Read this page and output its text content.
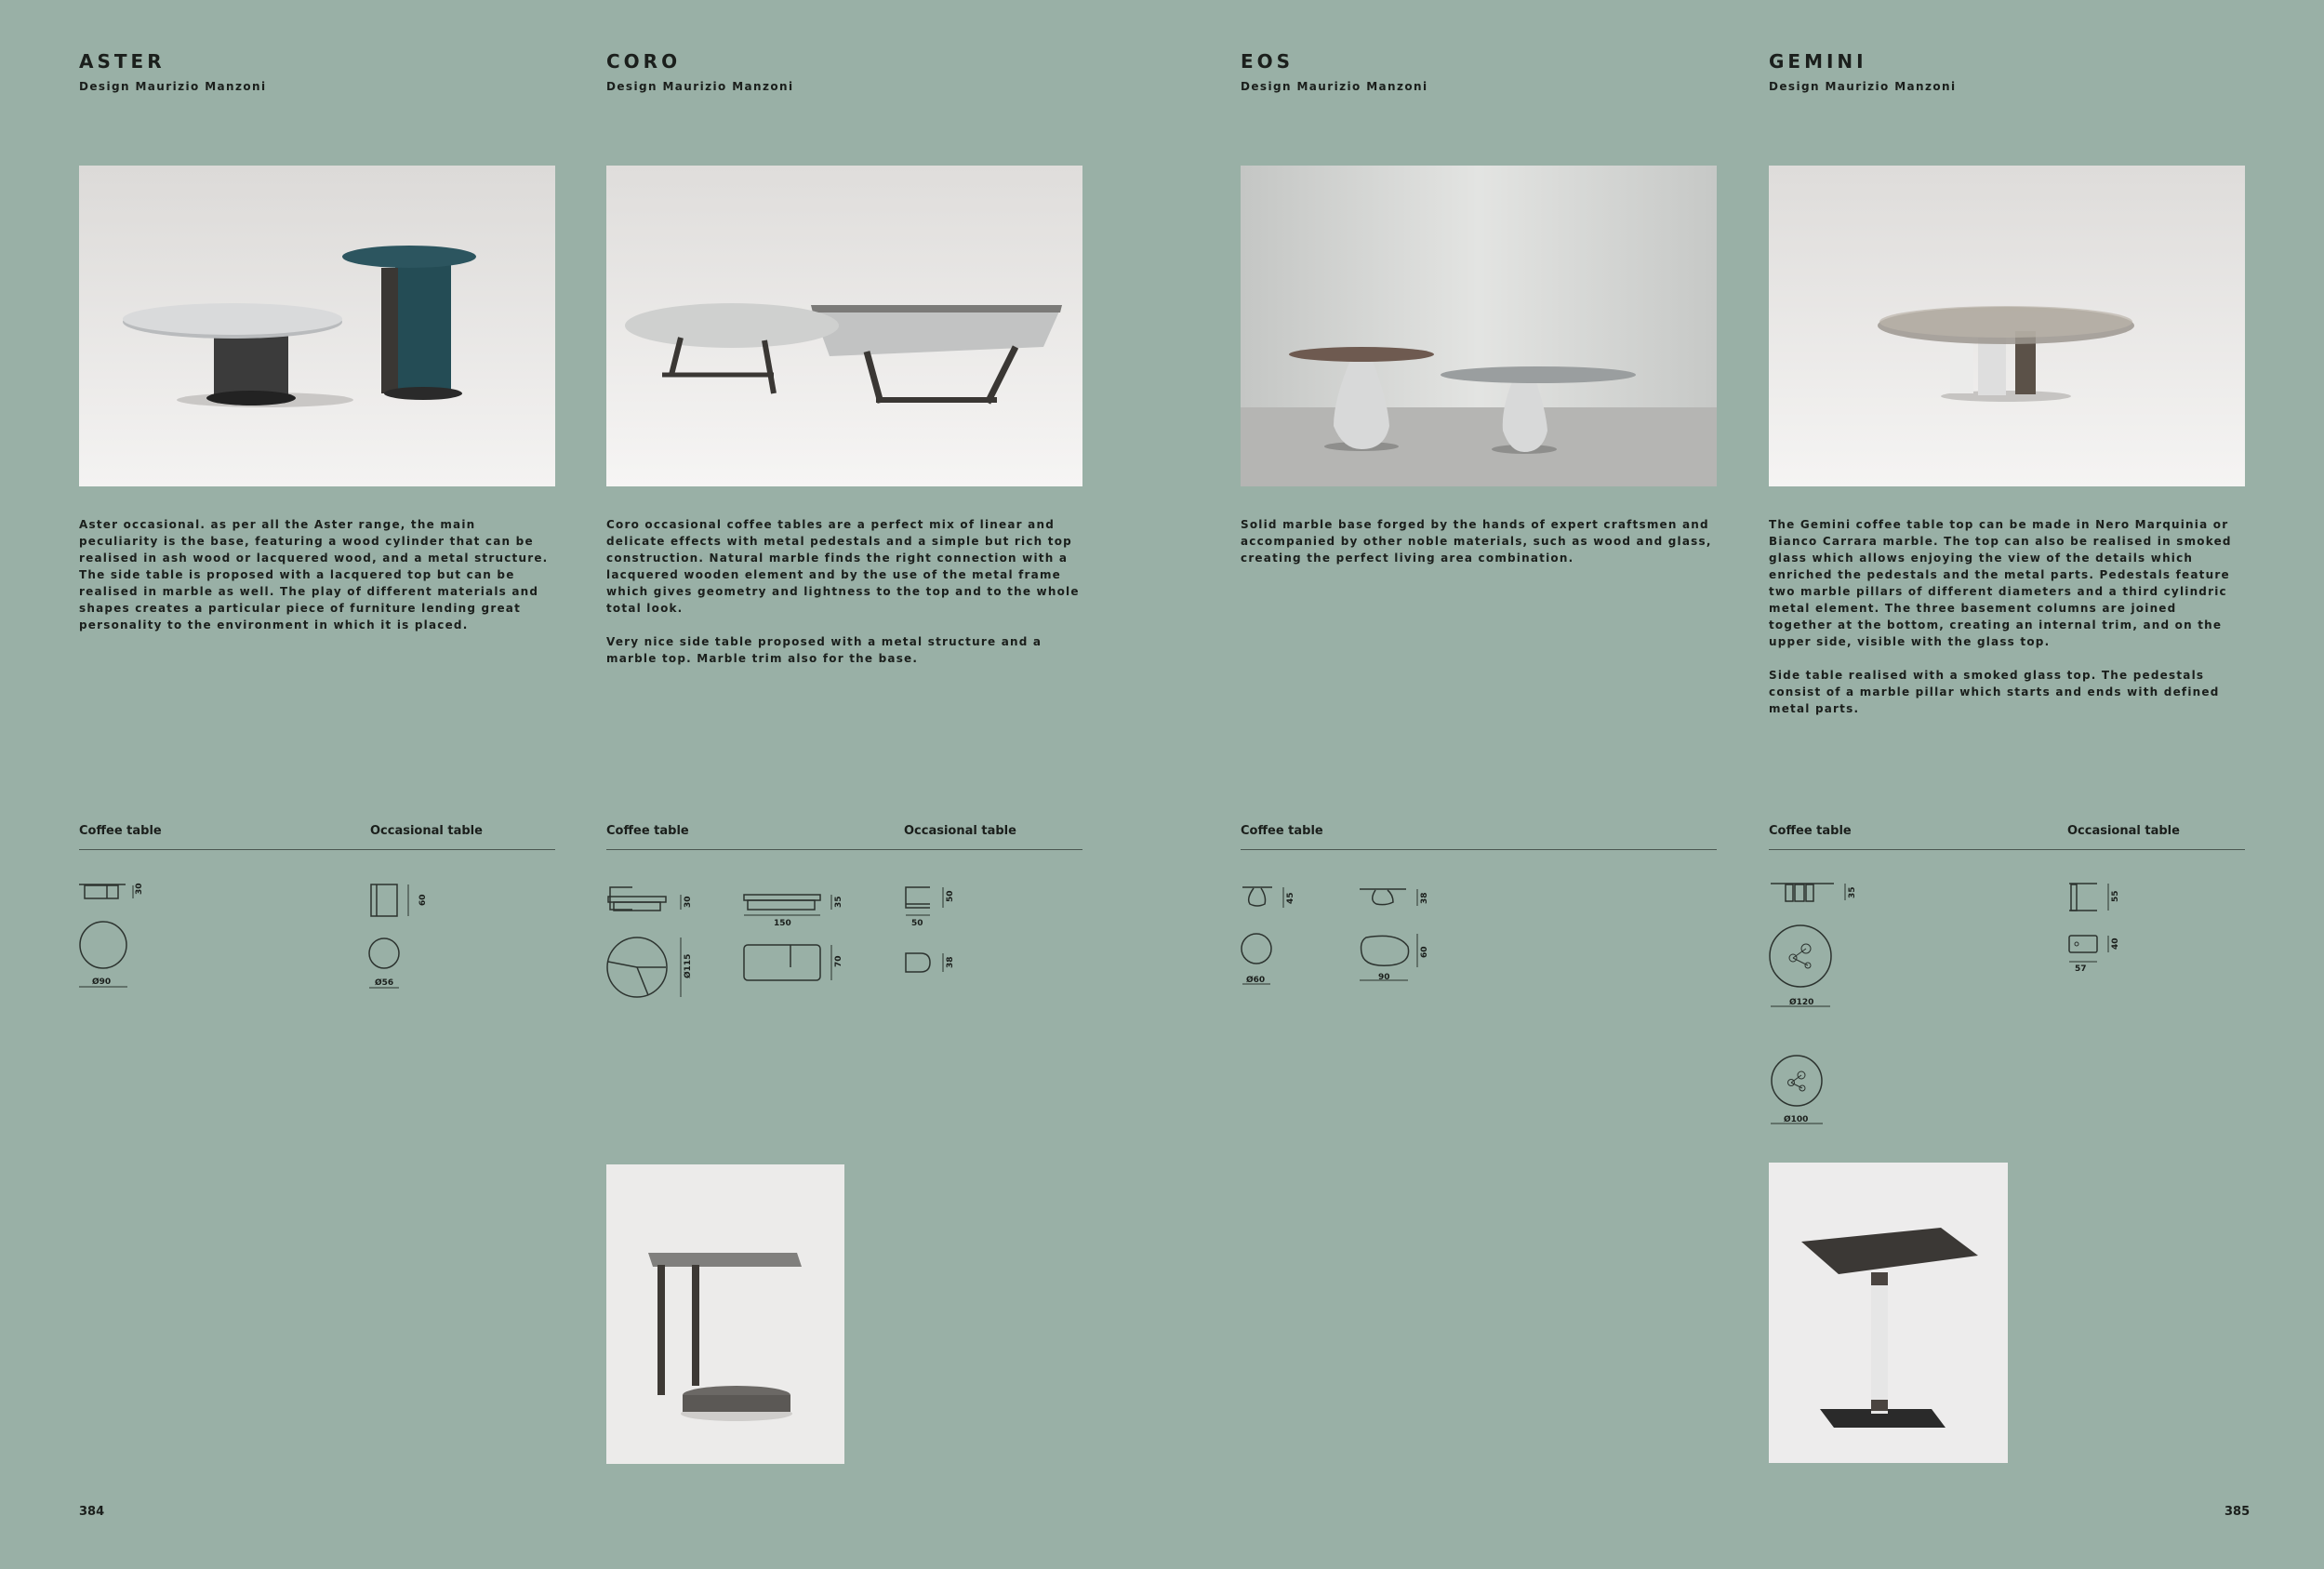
ASTER
Design Maurizio Manzoni

Aster occasional. as per all the Aster range, the main peculiarity is the base, featuring a wood cylinder that can be realised in ash wood or lacquered wood, and a metal structure. The side table is proposed with a lacquered top but can be realised in marble as well. The play of different materials and shapes creates a particular piece of furniture lending great personality to the environment in which it is placed.

Coffee table	Occasional table
30
Ø90
60
Ø56
CORO
Design Maurizio Manzoni

Coro occasional coffee tables are a perfect mix of linear and delicate effects with metal pedestals and a simple but rich top construction. Natural marble finds the right connection with a lacquered wooden element and by the use of the metal frame which gives geometry and lightness to the top and to the whole total look.

Very nice side table proposed with a metal structure and a marble top. Marble trim also for the base.

Coffee table	Occasional table
30
Ø115
35
150
70
50
50
38
384
EOS
Design Maurizio Manzoni

Solid marble base forged by the hands of expert craftsmen and accompanied by other noble materials, such as wood and glass, creating the perfect living area combination.

Coffee table
45
Ø60
38
60
90
GEMINI
Design Maurizio Manzoni

The Gemini coffee table top can be made in Nero Marquinia or Bianco Carrara marble. The top can also be realised in smoked glass which allows enjoying the view of the details which enriched the pedestals and the metal parts. Pedestals feature two marble pillars of different diameters and a third cylindric metal element. The three basement columns are joined together at the bottom, creating an internal trim, and on the upper side, visible with the glass top.

Side table realised with a smoked glass top. The pedestals consist of a marble pillar which starts and ends with defined metal parts.

Coffee table	Occasional table
35
Ø120
Ø100
55
40
57
385
